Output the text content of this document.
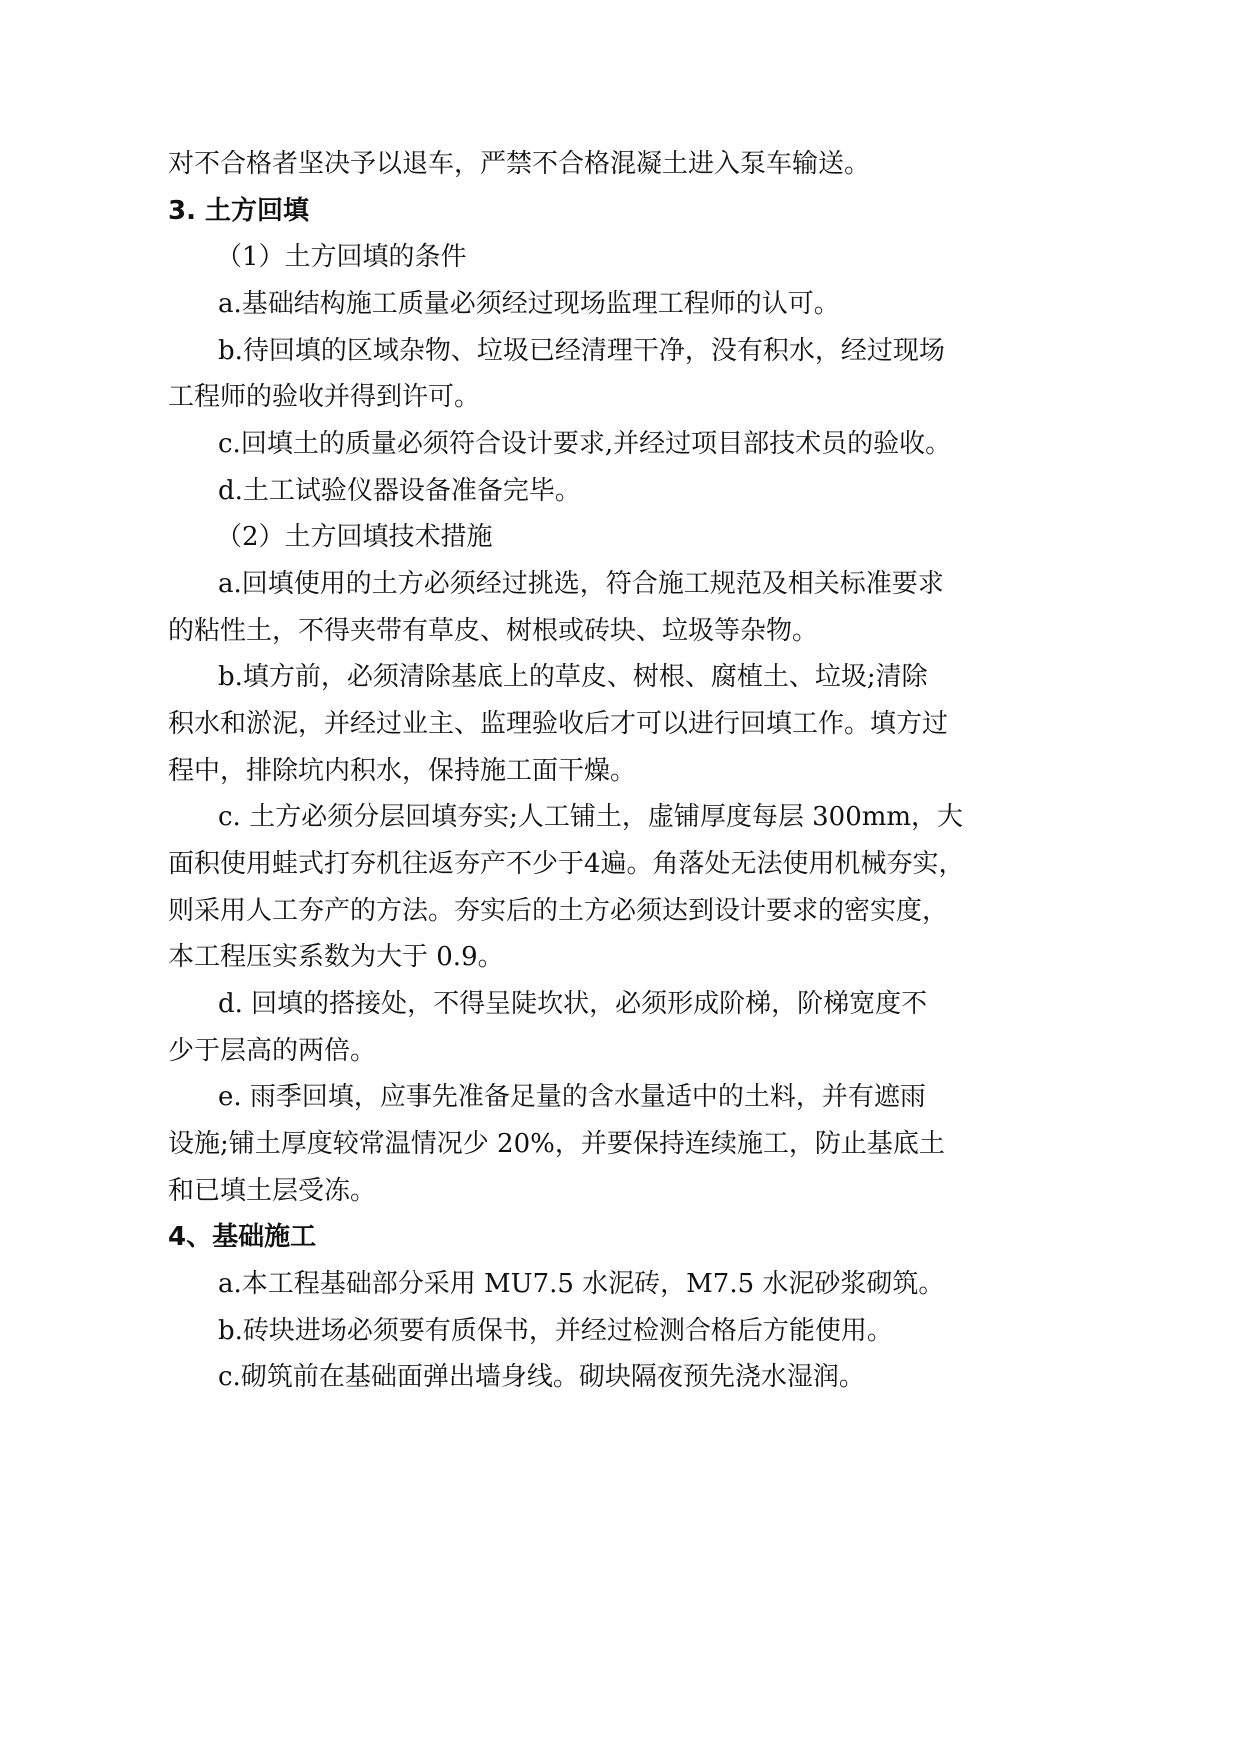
对不合格者坚决予以退车，严禁不合格混凝土进入泵车输送。
3. 土方回填
（1）土方回填的条件
a.基础结构施工质量必须经过现场监理工程师的认可。
b.待回填的区域杂物、垃圾已经清理干净，没有积水，经过现场
工程师的验收并得到许可。
c.回填土的质量必须符合设计要求,并经过项目部技术员的验收。
d.土工试验仪器设备准备完毕。
（2）土方回填技术措施
a.回填使用的土方必须经过挑选，符合施工规范及相关标准要求
的粘性土，不得夹带有草皮、树根或砖块、垃圾等杂物。
b.填方前，必须清除基底上的草皮、树根、腐植土、垃圾;清除
积水和淤泥，并经过业主、监理验收后才可以进行回填工作。填方过
程中，排除坑内积水，保持施工面干燥。
c. 土方必须分层回填夯实;人工铺土，虚铺厚度每层 300mm，大
面积使用蛙式打夯机往返夯产不少于4遍。角落处无法使用机械夯实，
则采用人工夯产的方法。夯实后的土方必须达到设计要求的密实度，
本工程压实系数为大于 0.9。
d. 回填的搭接处，不得呈陡坎状，必须形成阶梯，阶梯宽度不
少于层高的两倍。
e. 雨季回填，应事先准备足量的含水量适中的土料，并有遮雨
设施;铺土厚度较常温情况少 20%，并要保持连续施工，防止基底土
和已填土层受冻。
4、基础施工
a.本工程基础部分采用 MU7.5 水泥砖，M7.5 水泥砂浆砌筑。
b.砖块进场必须要有质保书，并经过检测合格后方能使用。
c.砌筑前在基础面弹出墙身线。砌块隔夜预先浇水湿润。
